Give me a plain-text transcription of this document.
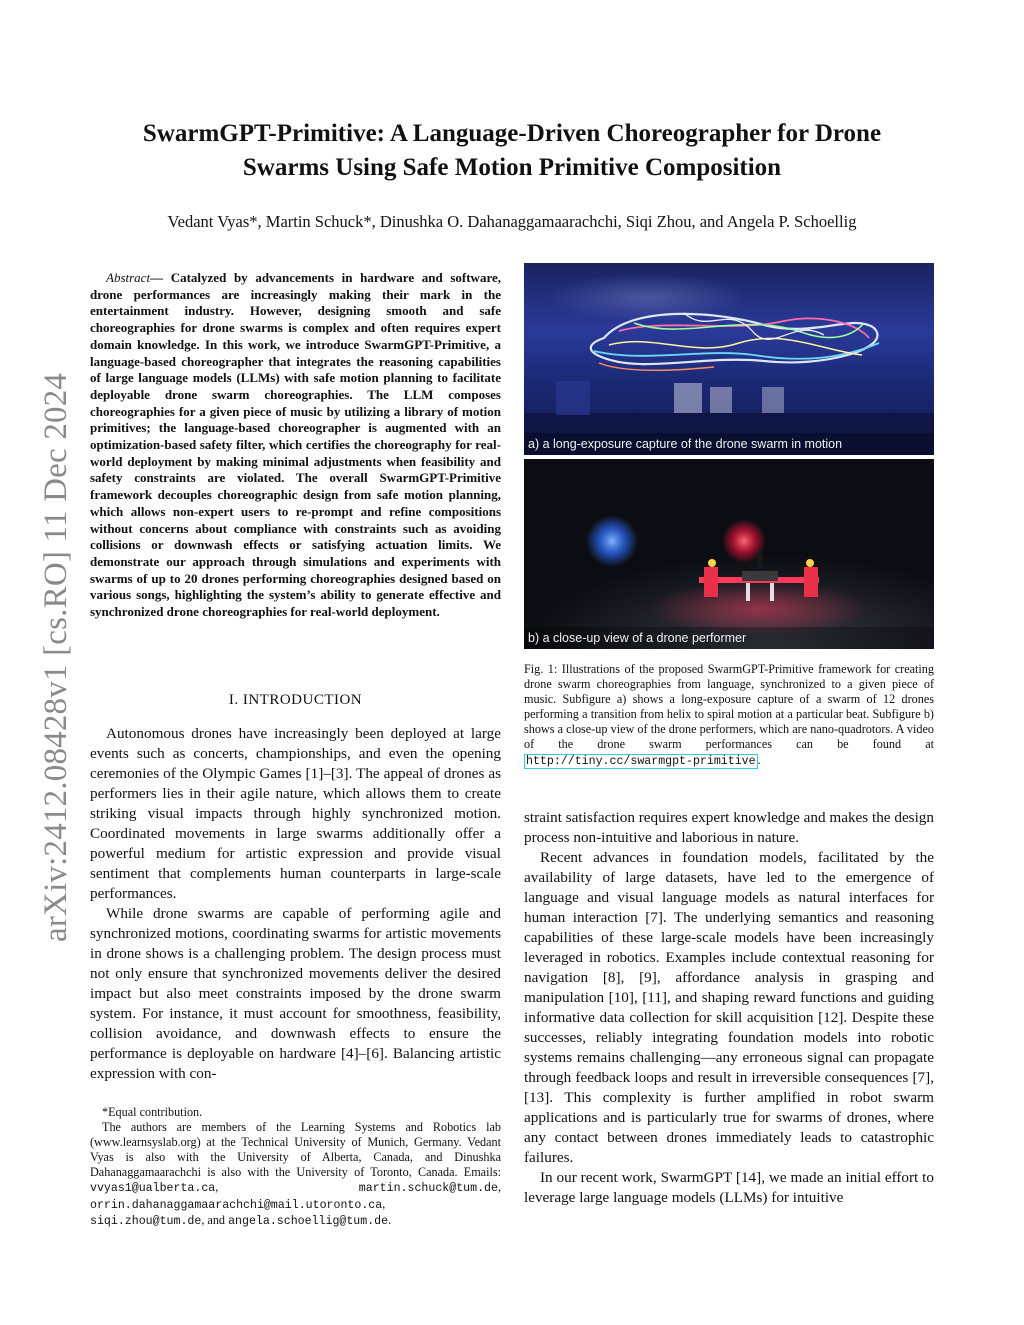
arXiv:2412.08428v1 [cs.RO] 11 Dec 2024
SwarmGPT-Primitive: A Language-Driven Choreographer for Drone
Swarms Using Safe Motion Primitive Composition
Vedant Vyas*, Martin Schuck*, Dinushka O. Dahanaggamaarachchi, Siqi Zhou, and Angela P. Schoellig
Abstract— Catalyzed by advancements in hardware and software, drone performances are increasingly making their mark in the entertainment industry. However, designing smooth and safe choreographies for drone swarms is complex and often requires expert domain knowledge. In this work, we introduce SwarmGPT-Primitive, a language-based choreographer that integrates the reasoning capabilities of large language models (LLMs) with safe motion planning to facilitate deployable drone swarm choreographies. The LLM composes choreographies for a given piece of music by utilizing a library of motion primitives; the language-based choreographer is augmented with an optimization-based safety filter, which certifies the choreography for real-world deployment by making minimal adjustments when feasibility and safety constraints are violated. The overall SwarmGPT-Primitive framework decouples choreographic design from safe motion planning, which allows non-expert users to re-prompt and refine compositions without concerns about compliance with constraints such as avoiding collisions or downwash effects or satisfying actuation limits. We demonstrate our approach through simulations and experiments with swarms of up to 20 drones performing choreographies designed based on various songs, highlighting the system’s ability to generate effective and synchronized drone choreographies for real-world deployment.
I. INTRODUCTION

Autonomous drones have increasingly been deployed at large events such as concerts, championships, and even the opening ceremonies of the Olympic Games [1]–[3]. The appeal of drones as performers lies in their agile nature, which allows them to create striking visual impacts through highly synchronized motion. Coordinated movements in large swarms additionally offer a powerful medium for artistic expression and provide visual sentiment that complements human counterparts in large-scale performances.

While drone swarms are capable of performing agile and synchronized motions, coordinating swarms for artistic movements in drone shows is a challenging problem. The design process must not only ensure that synchronized movements deliver the desired impact but also meet constraints imposed by the drone swarm system. For instance, it must account for smoothness, feasibility, collision avoidance, and downwash effects to ensure the performance is deployable on hardware [4]–[6]. Balancing artistic expression with con-

*Equal contribution.

The authors are members of the Learning Systems and Robotics lab (www.learnsyslab.org) at the Technical University of Munich, Germany. Vedant Vyas is also with the University of Alberta, Canada, and Dinushka Dahanaggamaarachchi is also with the University of Toronto, Canada. Emails: vvyas1@ualberta.ca, martin.schuck@tum.de, orrin.dahanaggamaarachchi@mail.utoronto.ca, siqi.zhou@tum.de, and angela.schoellig@tum.de.

a) a long-exposure capture of the drone swarm in motion
b) a close-up view of a drone performer
Fig. 1: Illustrations of the proposed SwarmGPT-Primitive framework for creating drone swarm choreographies from language, synchronized to a given piece of music. Subfigure a) shows a long-exposure capture of a swarm of 12 drones performing a transition from helix to spiral motion at a particular beat. Subfigure b) shows a close-up view of the drone performers, which are nano-quadrotors. A video of the drone swarm performances can be found at http://tiny.cc/swarmgpt-primitive .

straint satisfaction requires expert knowledge and makes the design process non-intuitive and laborious in nature.

Recent advances in foundation models, facilitated by the availability of large datasets, have led to the emergence of language and visual language models as natural interfaces for human interaction [7]. The underlying semantics and reasoning capabilities of these large-scale models have been increasingly leveraged in robotics. Examples include contextual reasoning for navigation [8], [9], affordance analysis in grasping and manipulation [10], [11], and shaping reward functions and guiding informative data collection for skill acquisition [12]. Despite these successes, reliably integrating foundation models into robotic systems remains challenging—any erroneous signal can propagate through feedback loops and result in irreversible consequences [7], [13]. This complexity is further amplified in robot swarm applications and is particularly true for swarms of drones, where any contact between drones immediately leads to catastrophic failures.

In our recent work, SwarmGPT [14], we made an initial effort to leverage large language models (LLMs) for intuitive
